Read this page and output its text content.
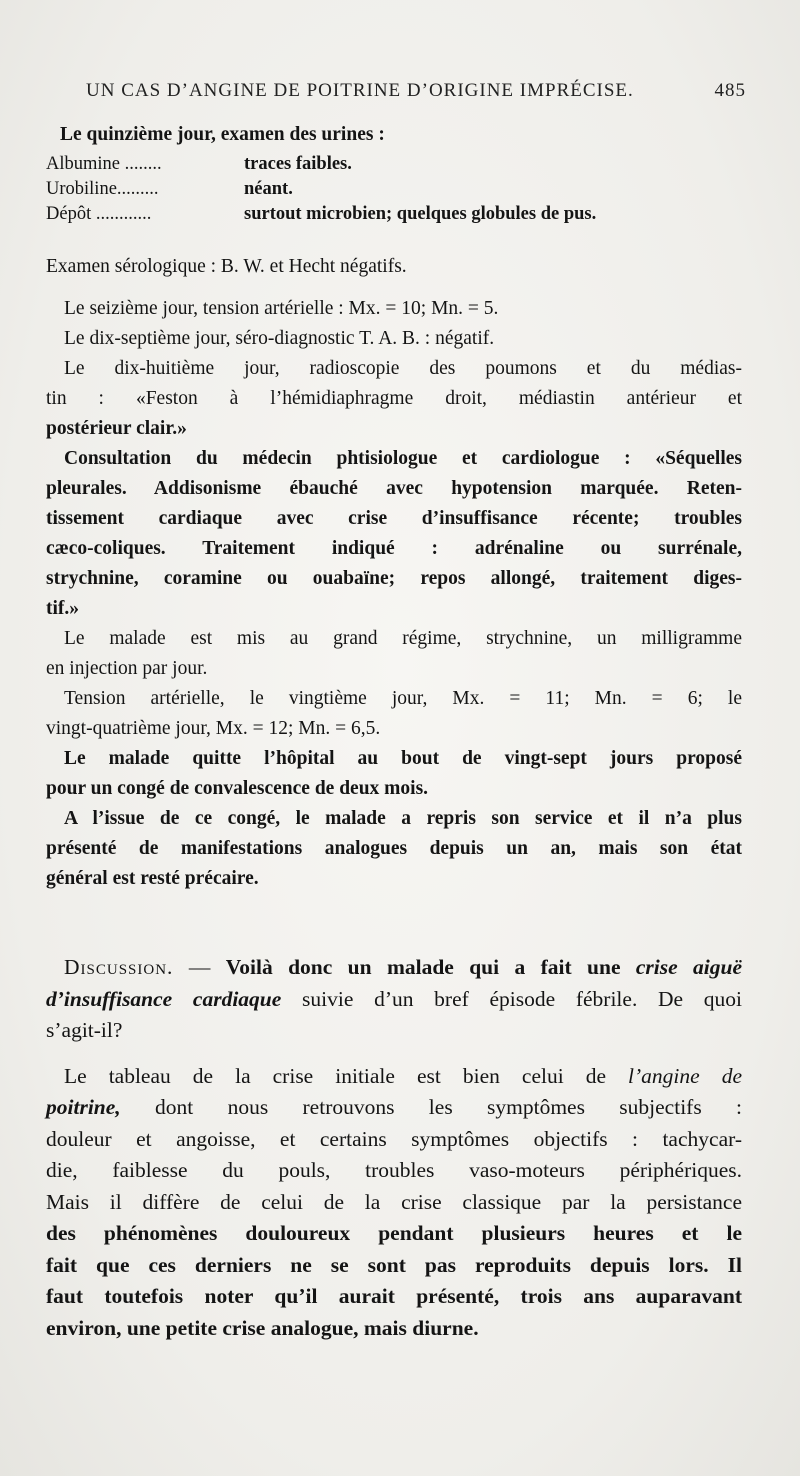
UN CAS D’ANGINE DE POITRINE D’ORIGINE IMPRÉCISE.	485
Le quinzième jour, examen des urines :
Albumine ........	traces faibles.
Urobiline.........	néant.
Dépôt ............	surtout microbien; quelques globules de pus.
Examen sérologique : B. W. et Hecht négatifs.
Le seizième jour, tension artérielle : Mx. = 10; Mn. = 5.
Le dix-septième jour, séro-diagnostic T. A. B. : négatif.
Le dix-huitième jour, radioscopie des poumons et du médias-
tin : «Feston à l’hémidiaphragme droit, médiastin antérieur et
postérieur clair.»
Consultation du médecin phtisiologue et cardiologue : «Séquelles
pleurales. Addisonisme ébauché avec hypotension marquée. Reten-
tissement cardiaque avec crise d’insuffisance récente; troubles
cæco-coliques. Traitement indiqué : adrénaline ou surrénale,
strychnine, coramine ou ouabaïne; repos allongé, traitement diges-
tif.»
Le malade est mis au grand régime, strychnine, un milligramme
en injection par jour.
Tension artérielle, le vingtième jour, Mx. = 11; Mn. = 6; le
vingt-quatrième jour, Mx. = 12; Mn. = 6,5.
Le malade quitte l’hôpital au bout de vingt-sept jours proposé
pour un congé de convalescence de deux mois.
A l’issue de ce congé, le malade a repris son service et il n’a plus
présenté de manifestations analogues depuis un an, mais son état
général est resté précaire.
Discussion. — Voilà donc un malade qui a fait une crise aiguë
d’insuffisance cardiaque suivie d’un bref épisode fébrile. De quoi
s’agit-il?
Le tableau de la crise initiale est bien celui de l’angine de
poitrine, dont nous retrouvons les symptômes subjectifs :
douleur et angoisse, et certains symptômes objectifs : tachycar-
die, faiblesse du pouls, troubles vaso-moteurs périphériques.
Mais il diffère de celui de la crise classique par la persistance
des phénomènes douloureux pendant plusieurs heures et le
fait que ces derniers ne se sont pas reproduits depuis lors. Il
faut toutefois noter qu’il aurait présenté, trois ans auparavant
environ, une petite crise analogue, mais diurne.
